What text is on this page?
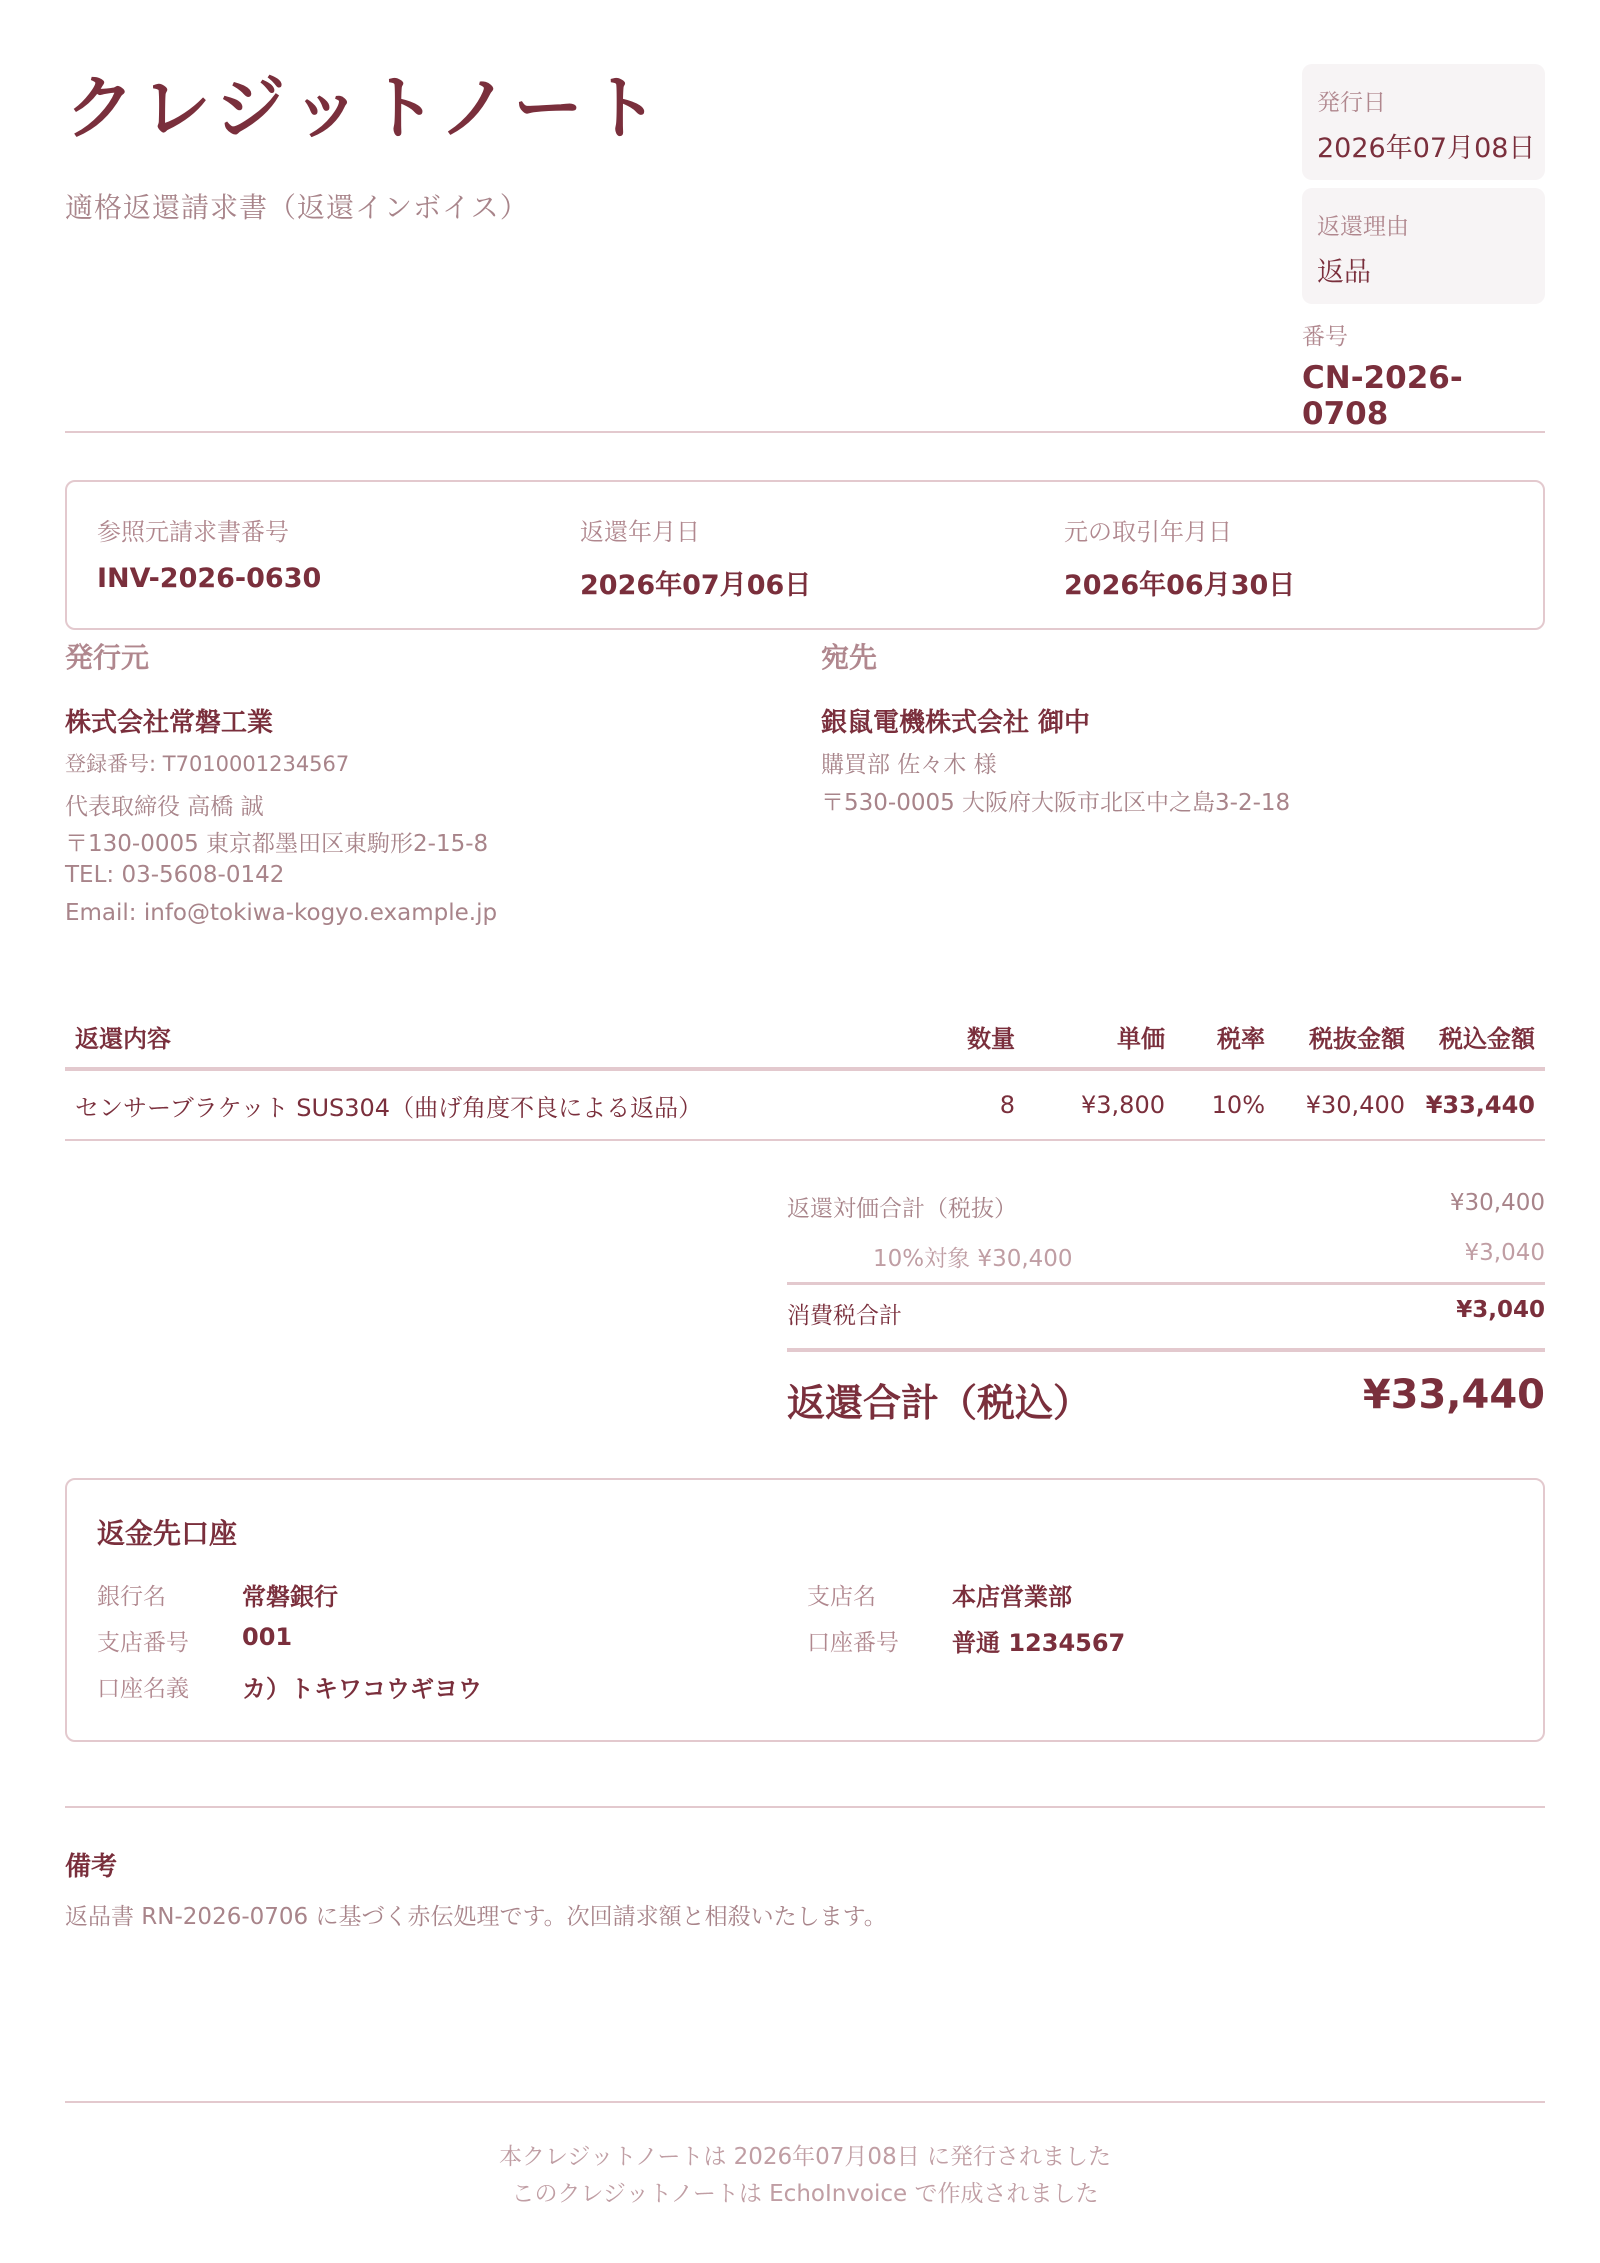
クレジットノート
適格返還請求書（返還インボイス）
発行日
2026年07月08日
返還理由
返品
番号
CN-2026-0708
参照元請求書番号
INV-2026-0630
返還年月日
2026年07月06日
元の取引年月日
2026年06月30日
発行元
株式会社常磐工業
登録番号: T7010001234567
代表取締役 高橋 誠
〒130-0005 東京都墨田区東駒形2-15-8
TEL: 03-5608-0142
Email: info@tokiwa-kogyo.example.jp
宛先
銀鼠電機株式会社 御中
購買部 佐々木 様
〒530-0005 大阪府大阪市北区中之島3-2-18
返還内容	数量	単価	税率	税抜金額	税込金額
センサーブラケット SUS304（曲げ角度不良による返品）	8	¥3,800	10%	¥30,400	¥33,440
返還対価合計（税抜）	¥30,400
10%対象 ¥30,400	¥3,040
消費税合計	¥3,040
返還合計（税込）	¥33,440
返金先口座
銀行名	常磐銀行	支店名	本店営業部
支店番号 001	口座番号 普通 1234567
口座名義 カ）トキワコウギヨウ
備考
返品書 RN-2026-0706 に基づく赤伝処理です。次回請求額と相殺いたします。
本クレジットノートは 2026年07月08日 に発行されました
このクレジットノートは EchoInvoice で作成されました
